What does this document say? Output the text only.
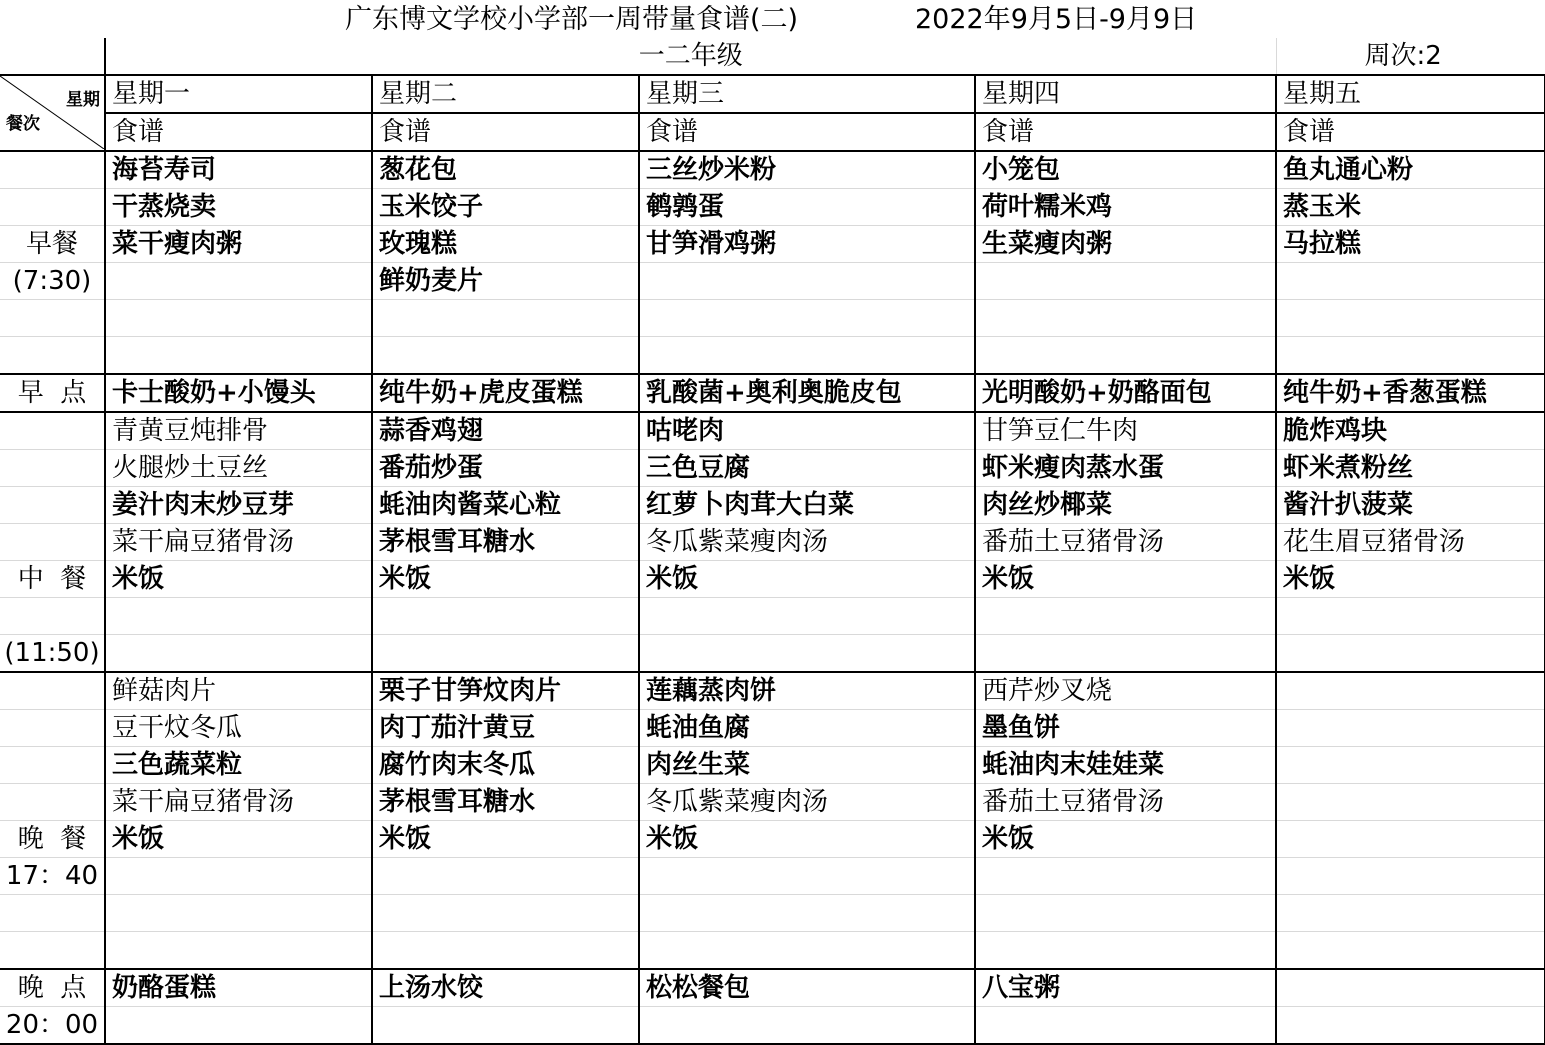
广东博文学校小学部一周带量食谱(二)

	2022年9月5日-9月9日

	一二年级				周次:2

星期
餐次	星期一	星期二	星期三	星期四	星期五
	食谱	食谱	食谱	食谱	食谱
	海苔寿司	葱花包	三丝炒米粉	小笼包	鱼丸通心粉
	干蒸烧卖	玉米饺子	鹌鹑蛋	荷叶糯米鸡	蒸玉米
早餐	菜干瘦肉粥	玫瑰糕	甘笋滑鸡粥	生菜瘦肉粥	马拉糕
(7:30)		鲜奶麦片			

早  点	卡士酸奶+小馒头	纯牛奶+虎皮蛋糕	乳酸菌+奥利奥脆皮包	光明酸奶+奶酪面包	纯牛奶+香葱蛋糕
	青黄豆炖排骨	蒜香鸡翅	咕咾肉	甘笋豆仁牛肉	脆炸鸡块
	火腿炒土豆丝	番茄炒蛋	三色豆腐	虾米瘦肉蒸水蛋	虾米煮粉丝
	姜汁肉末炒豆芽	蚝油肉酱菜心粒	红萝卜肉茸大白菜	肉丝炒椰菜	酱汁扒菠菜
	菜干扁豆猪骨汤	茅根雪耳糖水	冬瓜紫菜瘦肉汤	番茄土豆猪骨汤	花生眉豆猪骨汤
中  餐	米饭	米饭	米饭	米饭	米饭

(11:50)					
	鲜菇肉片	栗子甘笋炆肉片	莲藕蒸肉饼	西芹炒叉烧	
	豆干炆冬瓜	肉丁茄汁黄豆	蚝油鱼腐	墨鱼饼	
	三色蔬菜粒	腐竹肉末冬瓜	肉丝生菜	蚝油肉末娃娃菜	
	菜干扁豆猪骨汤	茅根雪耳糖水	冬瓜紫菜瘦肉汤	番茄土豆猪骨汤	
晚  餐	米饭	米饭	米饭	米饭	
17：40					

晚  点	奶酪蛋糕	上汤水饺	松松餐包	八宝粥	
20：00					
